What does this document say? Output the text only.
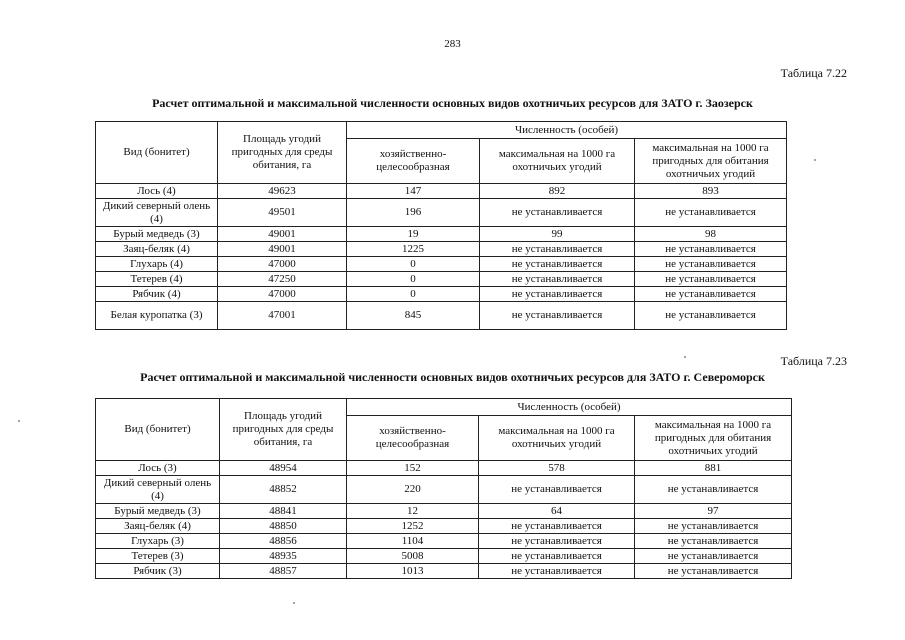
283
Таблица 7.22
Расчет оптимальной и максимальной численности основных видов охотничьих ресурсов для ЗАТО г. Заозерск
Вид (бонитет)	Площадь угодий пригодных для среды обитания, га	Численность (особей)		
		хозяйственно-целесообразная	максимальная на 1000 га охотничьих угодий	максимальная на 1000 га пригодных для обитания охотничьих угодий
Лось (4)	49623	147	892	893
Дикий северный олень (4)	49501	196	не устанавливается	не устанавливается
Бурый медведь (3)	49001	19	99	98
Заяц-беляк (4)	49001	1225	не устанавливается	не устанавливается
Глухарь (4)	47000	0	не устанавливается	не устанавливается
Тетерев (4)	47250	0	не устанавливается	не устанавливается
Рябчик (4)	47000	0	не устанавливается	не устанавливается
Белая куропатка (3)	47001	845	не устанавливается	не устанавливается
Таблица 7.23
Расчет оптимальной и максимальной численности основных видов охотничьих ресурсов для ЗАТО г. Североморск
Вид (бонитет)	Площадь угодий пригодных для среды обитания, га	Численность (особей)		
		хозяйственно-целесообразная	максимальная на 1000 га охотничьих угодий	максимальная на 1000 га пригодных для обитания охотничьих угодий
Лось (3)	48954	152	578	881
Дикий северный олень (4)	48852	220	не устанавливается	не устанавливается
Бурый медведь (3)	48841	12	64	97
Заяц-беляк (4)	48850	1252	не устанавливается	не устанавливается
Глухарь (3)	48856	1104	не устанавливается	не устанавливается
Тетерев (3)	48935	5008	не устанавливается	не устанавливается
Рябчик (3)	48857	1013	не устанавливается	не устанавливается
